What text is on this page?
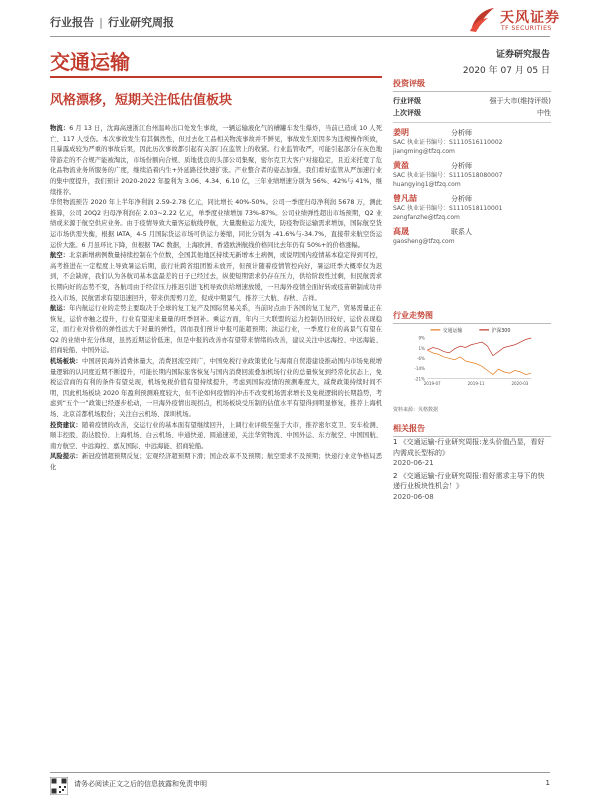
行业报告 | 行业研究周报	天风证券
TF SECURITIES
交通运输	证券研究报告
2020 年 07 月 05 日
风格漂移，短期关注低估值板块

物流：6 月 13 日，沈海高速浙江台州温岭出口处发生事故，一辆运输液化气的槽罐车发生爆炸，当前已造成 10 人死亡、117 人受伤。本次事故发生有其偶然性，但过去化工品相关物流事故并不鲜见，事故发生原因多为违规操作所致，且暴露成较为严重的事故后果，因此历次事故都引起有关部门在监管上的收紧。行业监管收严，可能引起部分在灰色地带游走的不合规产能被淘汰，市场份额向合规、质地优良的头部公司集聚，密尔克卫大客户对接稳定，且近来托宽了危化品物流业务所服务的广度，继续沿着内生+外延路径快速扩张。产业整合者的姿态加强，我们看好监管从严加速行业的集中度提升，我们预计 2020-2022 年盈利为 3.06、4.34、6.10 亿，三年业绩增速分别为 56%、42%与 41%，继续推荐。

华贸物流预告 2020 年上半年净利润 2.59-2.78 亿元，同比增长 40%-50%。公司一季度归母净利润 5678 万，测此推算，公司 20Q2 归母净利润在 2.03~2.22 亿元，单季度业绩增加 73%-87%。公司业绩弹性超出市场预期，Q2 业绩或来源于航空供应业务。由于疫情导致大量客运航线停航，大量腹舱运力流失，防疫物资运输需求增加，国际航空货运市场供需失衡，根据 IATA，4-5 月国际货运市场可供运力萎缩，同比分别为 -41.6%与-34.7%，直接带来航空货运运价大涨。6 月虽环比下降，但根据 TAC 数据，上海欧洲、香港欧洲航线价格同比去年仍有 50%+的价格涨幅。

航空：北京新增病例数量持续控制在个位数，全国其他地区持续无新增本土病例，或说明国内疫情基本稳定得到可控，高考推进在一定程度上导致暑运后期，旅行社跨省组团暂未放开，但预计随着疫情管控向好，暑运旺季大概率仅为迟到，不会缺席，我们认为各航司基本盘最差的日子已经过去，纵使短期需求仍存在压力，供给阶段性过剩，但民航需求长期向好的态势不变，各航司由于经营压力推迟引进飞机导致供给增速放缓，一旦海外疫情全面好转或疫苗研制成功并投入市场，民航需求有望迅速回升，带来供需剪刀差，促成中期景气，推荐三大航、春秋、吉祥。

航运：年内航运行业的走势主要取决于全球的复工复产及国际贸易关系，当前时点由于各国的复工复产，贸易需量正在恢复，运价亦触之提升，行业有望迎来量量的旺季回补。乘运方面，年内三大联盟的运力控制仍旧较好，运价表现稳定，而行业对价格的弹性远大于对量的弹性，因而我们预计中报可能超预期；油运行业，一季度行业的高景气有望在 Q2 的业绩中充分体现，虽然近期运价低迷，但是中报的改善亦有望带来情绪的改善，建议关注中远海控、中远海能、招商轮船、中国外运。

机场板块：中国居民海外消费体量大，消费回流空间广，中国免税行业政策优化与海南自贸港建设推动国内市场免税增量逻辑的认同度近期不断提升，可能长期内国际旅客恢复与国内消费回流叠加机场行业的总量恢复到经常化状态上，免税运营商的有利的条件有望兑现，机场免税价值有望持续提升，考虑到国际疫情的预测难度大，减费政策持续时间不明，因此机场板块 2020 年盈利预测难度较大，但不论如何疫情的冲击不改变机场需求增长及免税逻辑的长期趋势，考虑到“五个一”政策已经逐步松动，一旦海外疫情出现拐点，机场板块受压制的估值水平有望得到明显修复，推荐上海机场、北京首都机场股份；关注白云机场、深圳机场。

投资建议：随着疫情的改善，交运行业的基本面有望继续回升，上调行业评级至强于大市，推荐密尔克卫、安车检测、顺丰控股、韵达股份、上海机场、白云机场、申通快递、圆通速递，关注华贸物流、中国外运、东方航空、中国国航、南方航空、中远海控、嘉友国际、中远海能、招商轮船。

风险提示：新冠疫情超预期反复；宏观经济超预期下滑；国企改革不及预期；航空需求不及预期；快递行业竞争格局恶化

投资评级
行业评级	强于大市(维持评级)
上次评级	中性
姜明	分析师
SAC 执业证书编号：S1110516110002
jiangming@tfzq.com
黄盈	分析师
SAC 执业证书编号：S1110518080007
huangying1@tfzq.com
曾凡喆	分析师
SAC 执业证书编号：S1110518110001
zengfanzhe@tfzq.com
高晟	联系人
gaosheng@tfzq.com
行业走势图
交通运输	沪深300
9%
1%
-6%
-14%
-21%
2019-07	2019-11	2020-03
资料来源：贝格数据
相关报告
1 《交通运输-行业研究周报:龙头价值凸显，看好内需成长型标的》
2020-06-21
2 《交通运输-行业研究周报:看好需求主导下的快递行业板块性机会！》
2020-06-08
请务必阅读正文之后的信息披露和免责申明	1
